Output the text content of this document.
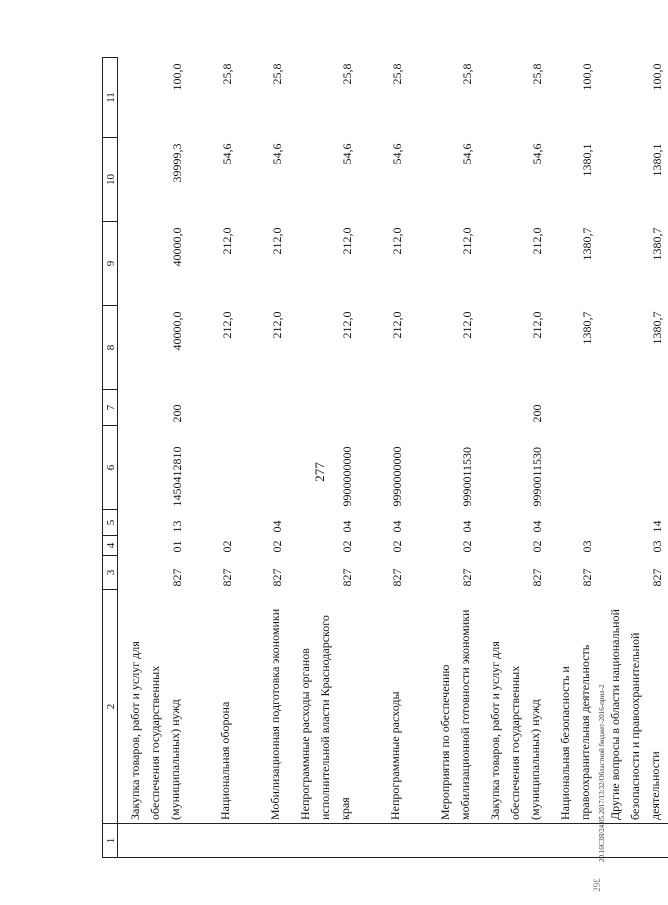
277
20.16СЗЯ/24.05.2017/13:32/Областной бюджет-2016-прил-2
29£
1	2	3	4	5	6	7	8	9	10	11
	Закупка товаров, работ и услуг для обеспечения государственных (муниципальных) нужд	827	01	13	1450412810	200	40000,0	40000,0	39999,3	100,0
	Национальная оборона	827	02				212,0	212,0	54,6	25,8
	Мобилизационная подготовка экономики	827	02	04			212,0	212,0	54,6	25,8
	Непрограммные расходы органов исполнительной власти Краснодарского края	827	02	04	9900000000		212,0	212,0	54,6	25,8
	Непрограммные расходы	827	02	04	9990000000		212,0	212,0	54,6	25,8
	Мероприятия по обеспечению мобилизационной готовности экономики	827	02	04	9990011530		212,0	212,0	54,6	25,8
	Закупка товаров, работ и услуг для обеспечения государственных (муниципальных) нужд	827	02	04	9990011530	200	212,0	212,0	54,6	25,8
	Национальная безопасность и правоохранительная деятельность	827	03				1380,7	1380,7	1380,1	100,0
	Другие вопросы в области национальной безопасности и правоохранительной деятельности	827	03	14			1380,7	1380,7	1380,1	100,0
